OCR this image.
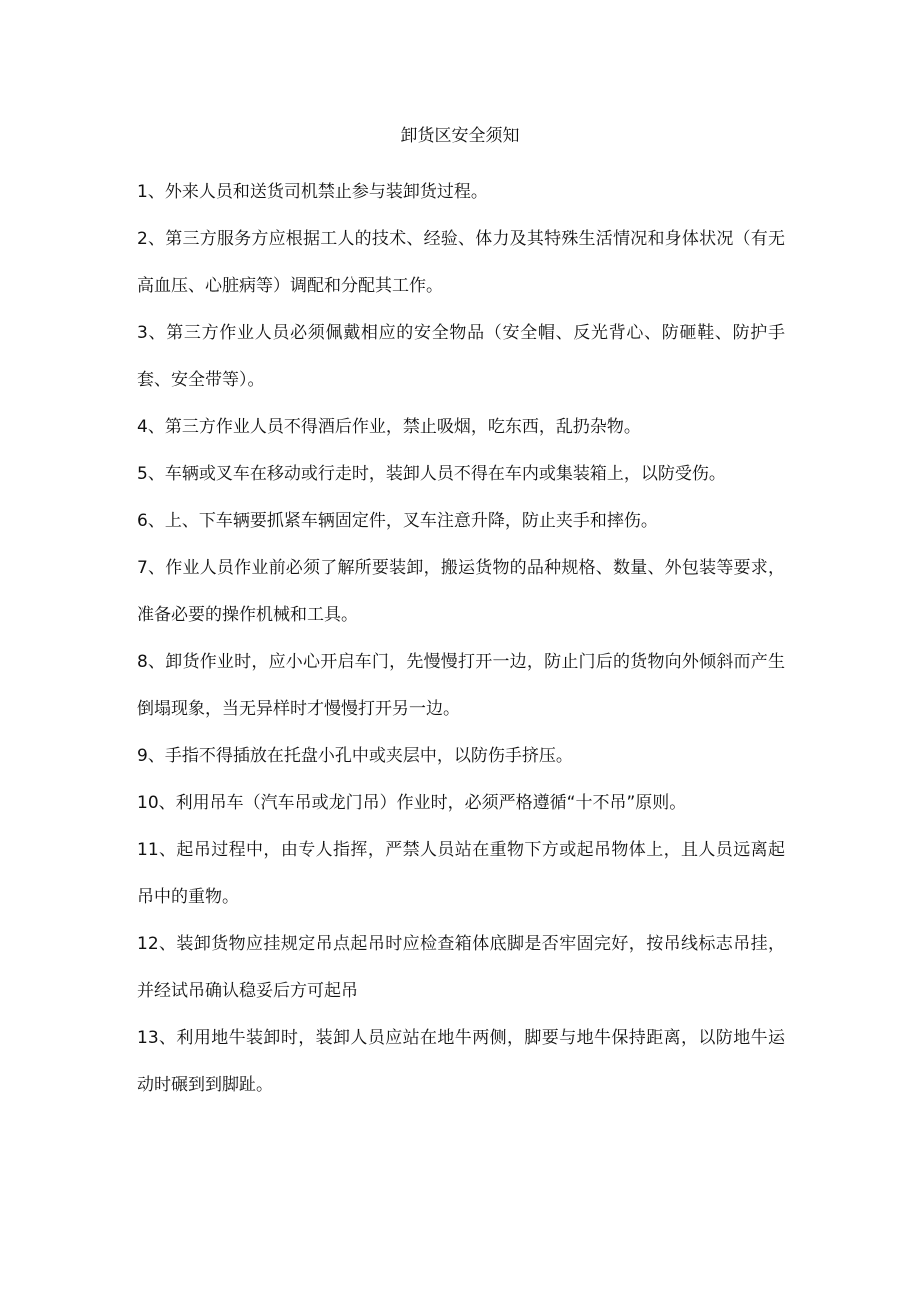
卸货区安全须知

1、外来人员和送货司机禁止参与装卸货过程。

2、第三方服务方应根据工人的技术、经验、体力及其特殊生活情况和身体状况（有无高血压、心脏病等）调配和分配其工作。

3、第三方作业人员必须佩戴相应的安全物品（安全帽、反光背心、防砸鞋、防护手套、安全带等）。

4、第三方作业人员不得酒后作业，禁止吸烟，吃东西，乱扔杂物。

5、车辆或叉车在移动或行走时，装卸人员不得在车内或集装箱上，以防受伤。

6、上、下车辆要抓紧车辆固定件，叉车注意升降，防止夹手和摔伤。

7、作业人员作业前必须了解所要装卸，搬运货物的品种规格、数量、外包装等要求，准备必要的操作机械和工具。

8、卸货作业时，应小心开启车门，先慢慢打开一边，防止门后的货物向外倾斜而产生倒塌现象，当无异样时才慢慢打开另一边。

9、手指不得插放在托盘小孔中或夹层中，以防伤手挤压。

10、利用吊车（汽车吊或龙门吊）作业时，必须严格遵循“十不吊”原则。

11、起吊过程中，由专人指挥，严禁人员站在重物下方或起吊物体上，且人员远离起吊中的重物。

12、装卸货物应挂规定吊点起吊时应检查箱体底脚是否牢固完好，按吊线标志吊挂，并经试吊确认稳妥后方可起吊

13、利用地牛装卸时，装卸人员应站在地牛两侧，脚要与地牛保持距离，以防地牛运动时碾到到脚趾。
